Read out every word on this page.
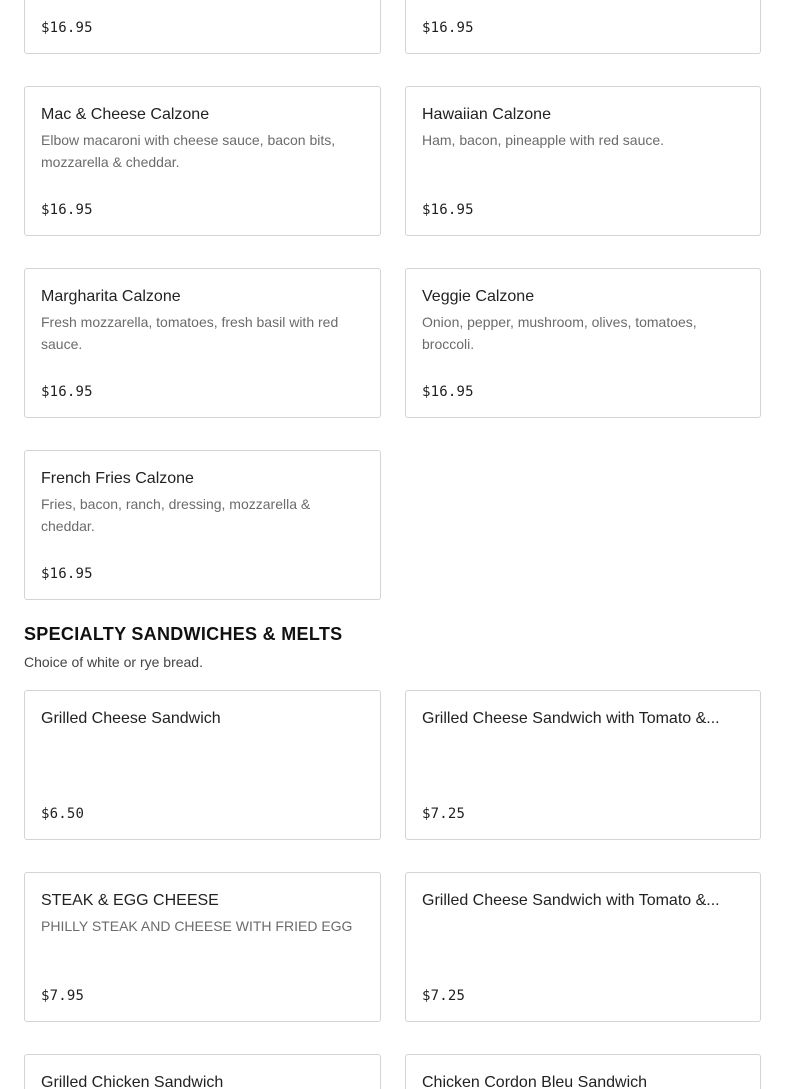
$16.95	$16.95
Mac & Cheese Calzone
Elbow macaroni with cheese sauce, bacon bits, mozzarella & cheddar.
$16.95
Hawaiian Calzone
Ham, bacon, pineapple with red sauce.
$16.95
Margharita Calzone
Fresh mozzarella, tomatoes, fresh basil with red sauce.
$16.95
Veggie Calzone
Onion, pepper, mushroom, olives, tomatoes, broccoli.
$16.95
French Fries Calzone
Fries, bacon, ranch, dressing, mozzarella & cheddar.
$16.95
SPECIALTY SANDWICHES & MELTS
Choice of white or rye bread.
Grilled Cheese Sandwich
$6.50
Grilled Cheese Sandwich with Tomato &...
$7.25
STEAK & EGG CHEESE
PHILLY STEAK AND CHEESE WITH FRIED EGG
$7.95
Grilled Cheese Sandwich with Tomato &...
$7.25
Grilled Chicken Sandwich	Chicken Cordon Bleu Sandwich
